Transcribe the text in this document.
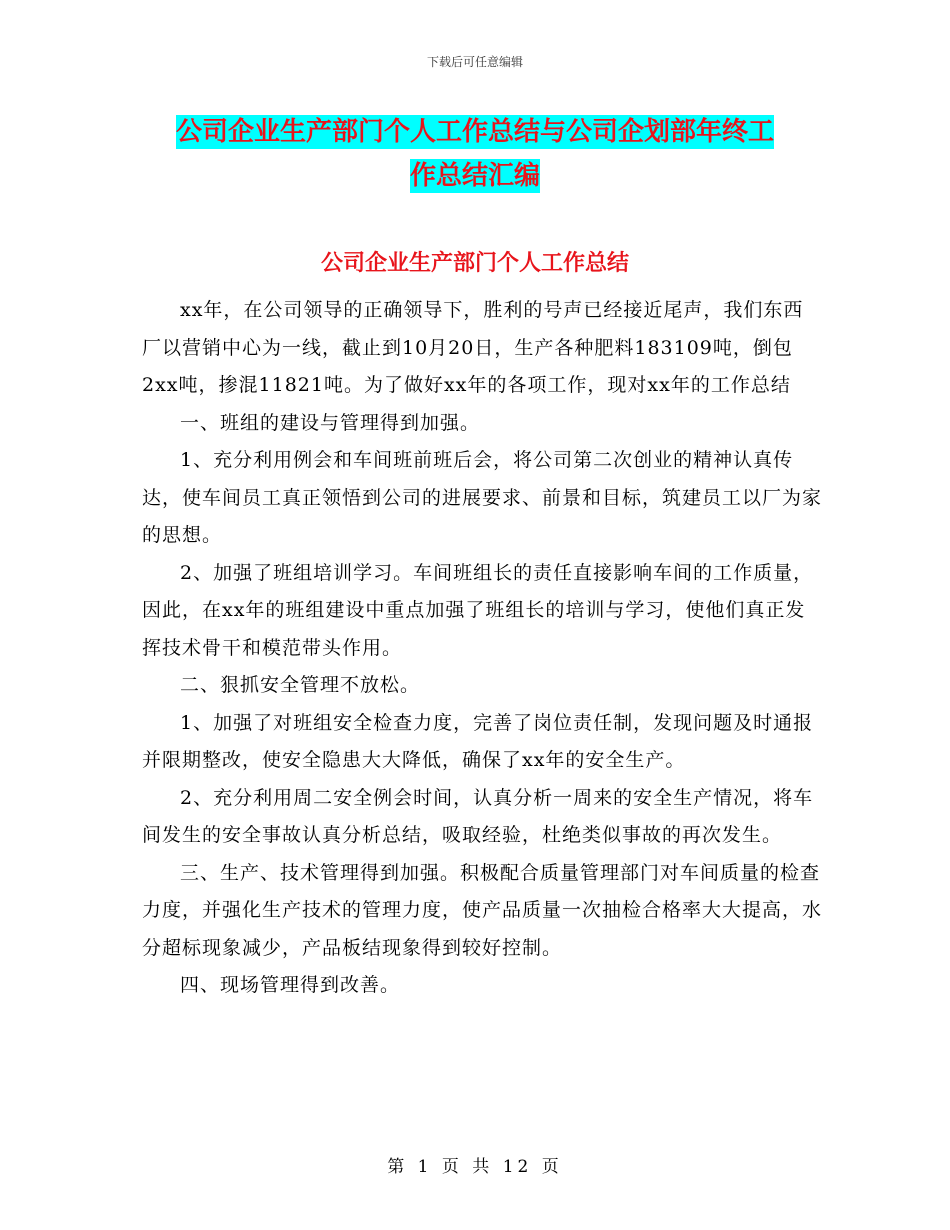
下载后可任意编辑
公司企业生产部门个人工作总结与公司企划部年终工
作总结汇编
公司企业生产部门个人工作总结

xx年，在公司领导的正确领导下，胜利的号声已经接近尾声，我们东西厂以营销中心为一线，截止到10月20日，生产各种肥料183109吨，倒包2xx吨，掺混11821吨。为了做好xx年的各项工作，现对xx年的工作总结

一、班组的建设与管理得到加强。

1、充分利用例会和车间班前班后会，将公司第二次创业的精神认真传达，使车间员工真正领悟到公司的进展要求、前景和目标，筑建员工以厂为家的思想。

2、加强了班组培训学习。车间班组长的责任直接影响车间的工作质量，因此，在xx年的班组建设中重点加强了班组长的培训与学习，使他们真正发挥技术骨干和模范带头作用。

二、狠抓安全管理不放松。

1、加强了对班组安全检查力度，完善了岗位责任制，发现问题及时通报并限期整改，使安全隐患大大降低，确保了xx年的安全生产。

2、充分利用周二安全例会时间，认真分析一周来的安全生产情况，将车间发生的安全事故认真分析总结，吸取经验，杜绝类似事故的再次发生。

三、生产、技术管理得到加强。积极配合质量管理部门对车间质量的检查力度，并强化生产技术的管理力度，使产品质量一次抽检合格率大大提高，水分超标现象减少，产品板结现象得到较好控制。

四、现场管理得到改善。

第 1 页 共 12 页
